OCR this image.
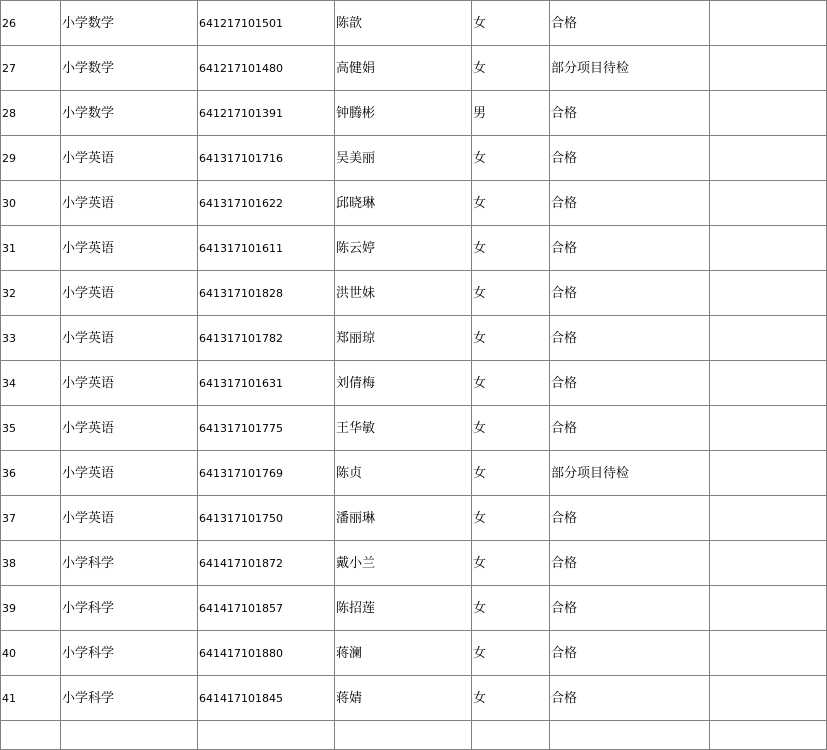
26	小学数学	641217101501	陈歆	女	合格	
27	小学数学	641217101480	高健娟	女	部分项目待检	
28	小学数学	641217101391	钟腾彬	男	合格	
29	小学英语	641317101716	吴美丽	女	合格	
30	小学英语	641317101622	邱晓琳	女	合格	
31	小学英语	641317101611	陈云婷	女	合格	
32	小学英语	641317101828	洪世妹	女	合格	
33	小学英语	641317101782	郑丽琼	女	合格	
34	小学英语	641317101631	刘倩梅	女	合格	
35	小学英语	641317101775	王华敏	女	合格	
36	小学英语	641317101769	陈贞	女	部分项目待检	
37	小学英语	641317101750	潘丽琳	女	合格	
38	小学科学	641417101872	戴小兰	女	合格	
39	小学科学	641417101857	陈招莲	女	合格	
40	小学科学	641417101880	蒋澜	女	合格	
41	小学科学	641417101845	蒋婧	女	合格	
